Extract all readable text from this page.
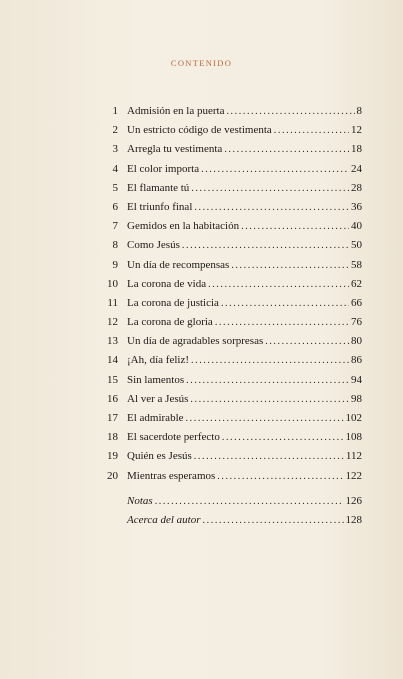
CONTENIDO
1 Admisión en la puerta .....	8
2 Un estricto código de vestimenta .....	12
3 Arregla tu vestimenta .....	18
4 El color importa .....	24
5 El flamante tú .....	28
6 El triunfo final .....	36
7 Gemidos en la habitación .....	40
8 Como Jesús .....	50
9 Un día de recompensas .....	58
10 La corona de vida .....	62
11 La corona de justicia .....	66
12 La corona de gloria .....	76
13 Un día de agradables sorpresas .....	80
14 ¡Ah, día feliz! .....	86
15 Sin lamentos .....	94
16 Al ver a Jesús .....	98
17 El admirable .....	102
18 El sacerdote perfecto .....	108
19 Quién es Jesús .....	112
20 Mientras esperamos .....	122
Notas .....	126
Acerca del autor .....	128
